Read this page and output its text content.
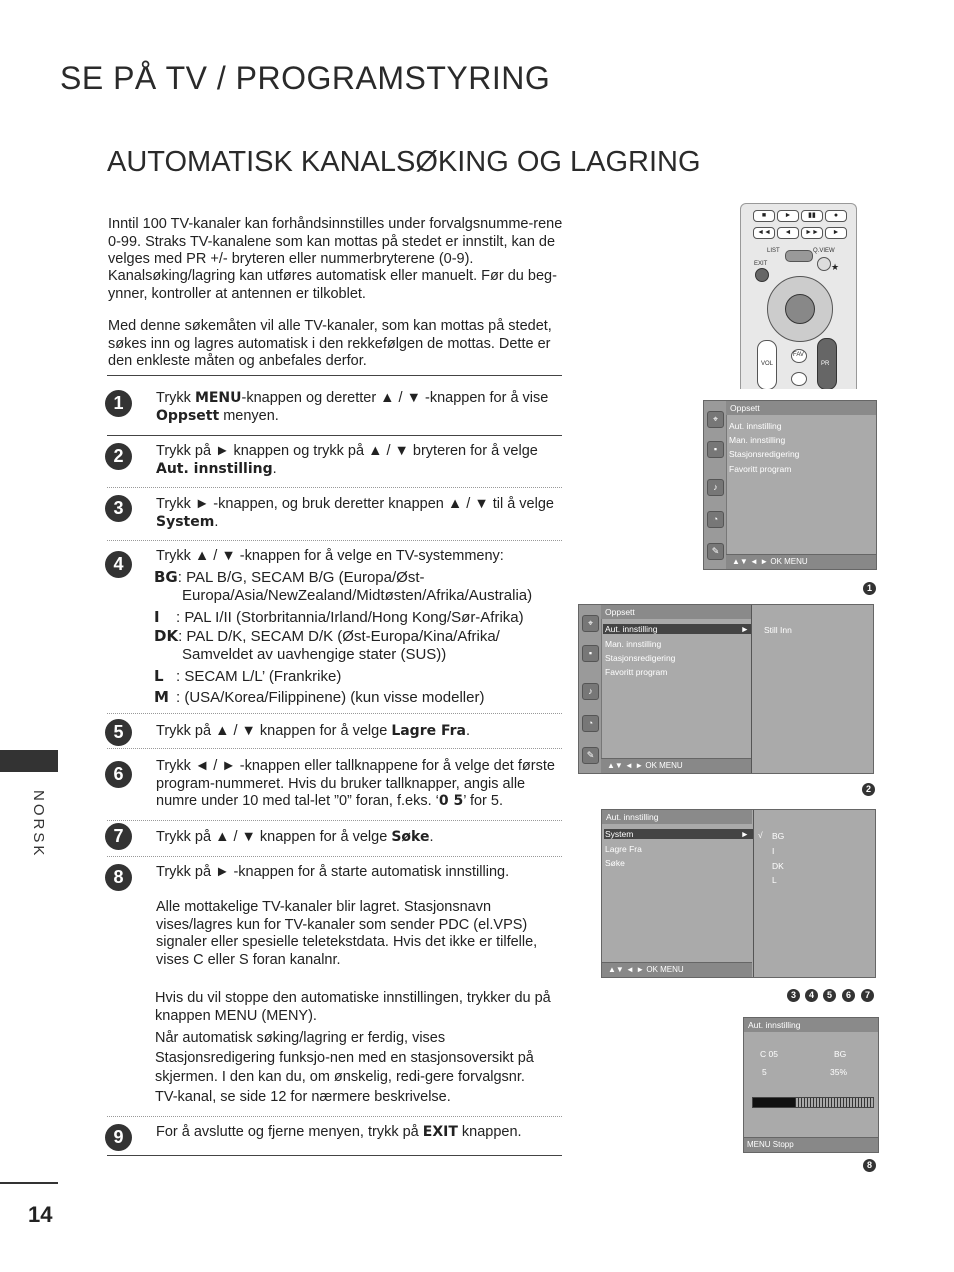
SE PÅ TV / PROGRAMSTYRING
AUTOMATISK KANALSØKING OG LAGRING
Inntil 100 TV-kanaler kan forhåndsinnstilles under forvalgsnumme-rene 0-99. Straks TV-kanalene som kan mottas på stedet er innstilt, kan de velges med PR +/- bryteren eller nummerbryterene (0-9).
Kanalsøking/lagring kan utføres automatisk eller manuelt. Før du beg-ynner, kontroller at antennen er tilkoblet.
Med denne søkemåten vil alle TV-kanaler, som kan mottas på stedet, søkes inn og lagres automatisk i den rekkefølgen de mottas. Dette er den enkleste måten og anbefales derfor.
1	Trykk MENU-knappen og deretter ▲ / ▼ -knappen for å vise Oppsett menyen.
2	Trykk på ► knappen og trykk på ▲ / ▼ bryteren for å velge Aut. innstilling.
3	Trykk ► -knappen, og bruk deretter knappen ▲ / ▼ til å velge System.
4	Trykk ▲ / ▼ -knappen for å velge en TV-systemmeny:
BG: PAL B/G, SECAM B/G (Europa/Øst-
Europa/Asia/NewZealand/Midtøsten/Afrika/Australia)
I : PAL I/II (Storbritannia/Irland/Hong Kong/Sør-Afrika)
DK: PAL D/K, SECAM D/K (Øst-Europa/Kina/Afrika/
Samveldet av uavhengige stater (SUS))
L : SECAM L/L’ (Frankrike)
M : (USA/Korea/Filippinene) (kun visse modeller)
5	Trykk på ▲ / ▼ knappen for å velge Lagre Fra.
6	Trykk ◄ / ► -knappen eller tallknappene for å velge det første program-nummeret. Hvis du bruker tallknapper, angis alle numre under 10 med tal-let ”0” foran, f.eks. ‘0 5’ for 5.
7	Trykk på ▲ / ▼ knappen for å velge Søke.
8	Trykk på ► -knappen for å starte automatisk innstilling.
Alle mottakelige TV-kanaler blir lagret. Stasjonsnavn vises/lagres kun for TV-kanaler som sender PDC (el.VPS) signaler eller spesielle teletekstdata. Hvis det ikke er tilfelle, vises C eller S foran kanalnr.
Hvis du vil stoppe den automatiske innstillingen, trykker du på knappen MENU (MENY).
Når automatisk søking/lagring er ferdig, vises Stasjonsredigering funksjo-nen med en stasjonsoversikt på skjermen. I den kan du, om ønskelig, redi-gere forvalgsnr. TV-kanal, se side 12 for nærmere beskrivelse.
9	For å avslutte og fjerne menyen, trykk på EXIT knappen.
NORSK
14
■	►	▮▮	●
◄◄	◄	►►	►
LIST	Q.VIEW
EXIT	★
VOL
FAV
PR
⌖
▪
♪
◔
✎
Oppsett
Aut. innstilling
Man. innstilling
Stasjonsredigering
Favoritt program
▲▼ ◄ ► OK MENU
1
⌖
▪
♪
◔
✎
Oppsett
Aut. innstilling	►
Man. innstilling
Stasjonsredigering
Favoritt program
▲▼ ◄ ► OK MENU
Still Inn
2
Aut. innstilling
System	►
Lagre Fra
Søke
▲▼ ◄ ► OK MENU
√ BG
I
DK
L
3	4	5	6	7
Aut. innstilling
C 05	BG
5	35%
MENU Stopp
8
